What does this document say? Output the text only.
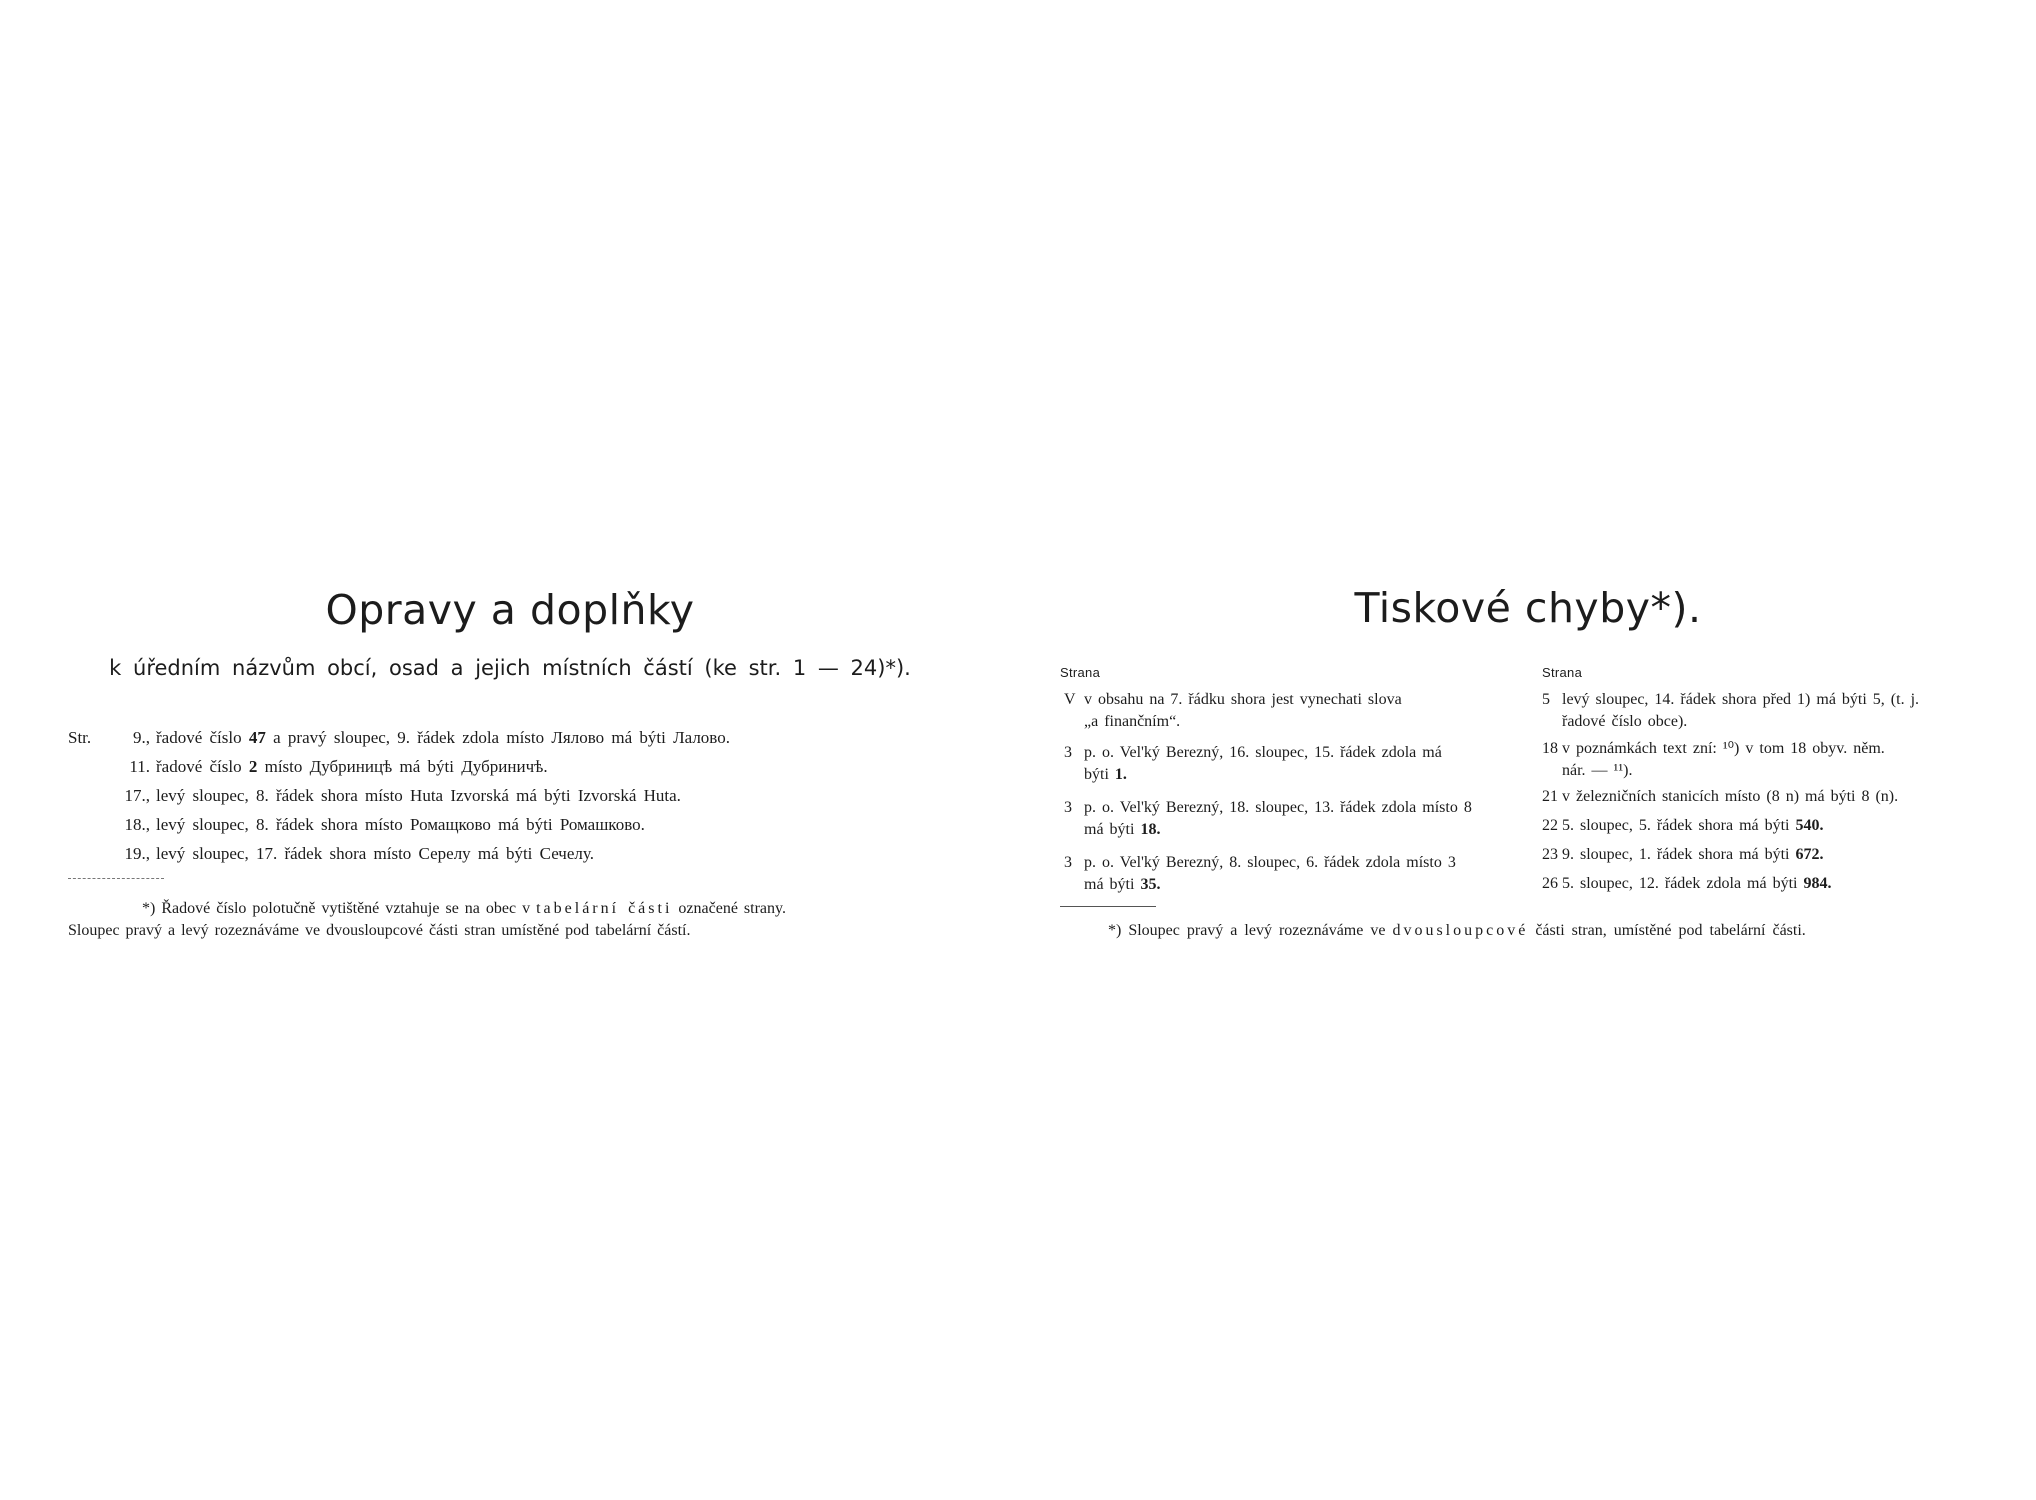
Opravy a doplňky
k úředním názvům obcí, osad a jejich místních částí (ke str. 1 — 24)*).
Str. 9., řadové číslo 47 a pravý sloupec, 9. řádek zdola místo Лялово má býti Лалово.
11. řadové číslo 2 místo Дубриницѣ má býti Дубриничѣ.
17., levý sloupec, 8. řádek shora místo Huta Izvorská má býti Izvorská Huta.
18., levý sloupec, 8. řádek shora místo Ромащково má býti Ромашково.
19., levý sloupec, 17. řádek shora místo Серелу má býti Сечелу.
*) Řadové číslo polotučně vytištěné vztahuje se na obec v tabelární části označené strany.
Sloupec pravý a levý rozeznáváme ve dvousloupcové části stran umístěné pod tabelární částí.
Tiskové chyby*).
Strana	Strana
V v obsahu na 7. řádku shora jest vynechati slova
„a finančním“.
3 p. o. Vel'ký Berezný, 16. sloupec, 15. řádek zdola má
býti 1.
3 p. o. Vel'ký Berezný, 18. sloupec, 13. řádek zdola místo 8
má býti 18.
3 p. o. Vel'ký Berezný, 8. sloupec, 6. řádek zdola místo 3
má býti 35.
5 levý sloupec, 14. řádek shora před 1) má býti 5, (t. j.
řadové číslo obce).
18 v poznámkách text zní: ¹⁰) v tom 18 obyv. něm.
nár. — ¹¹).
21 v železničních stanicích místo (8 n) má býti 8 (n).
22 5. sloupec, 5. řádek shora má býti 540.
23 9. sloupec, 1. řádek shora má býti 672.
26 5. sloupec, 12. řádek zdola má býti 984.
*) Sloupec pravý a levý rozeznáváme ve dvousloupcové části stran, umístěné pod tabelární části.
